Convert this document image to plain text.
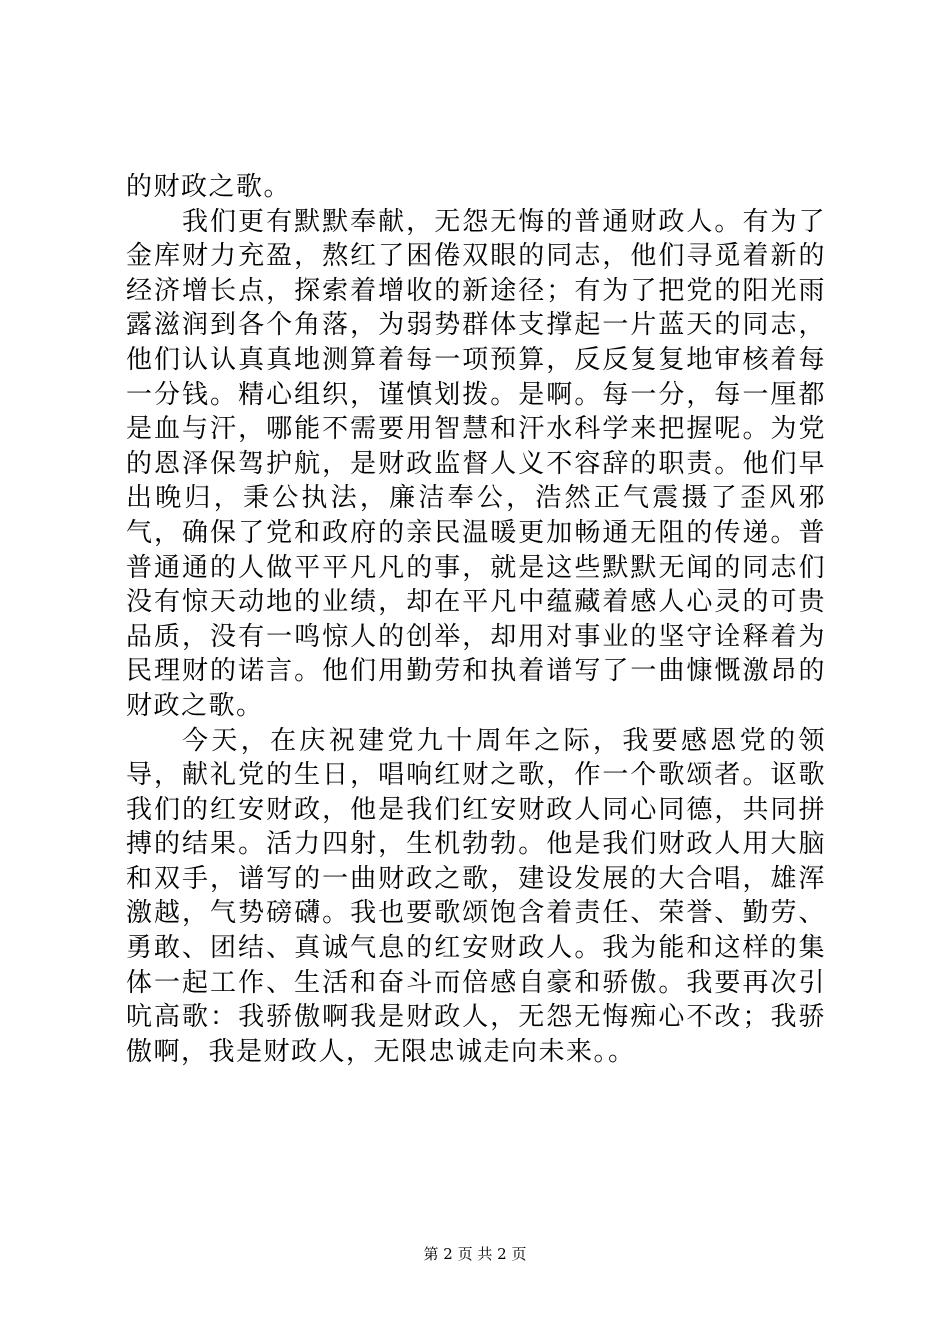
的财政之歌。

我们更有默默奉献，无怨无悔的普通财政人。有为了金库财力充盈，熬红了困倦双眼的同志，他们寻觅着新的经济增长点，探索着增收的新途径；有为了把党的阳光雨露滋润到各个角落，为弱势群体支撑起一片蓝天的同志，他们认认真真地测算着每一项预算，反反复复地审核着每一分钱。精心组织，谨慎划拨。是啊。每一分，每一厘都是血与汗，哪能不需要用智慧和汗水科学来把握呢。为党的恩泽保驾护航，是财政监督人义不容辞的职责。他们早出晚归，秉公执法，廉洁奉公，浩然正气震摄了歪风邪气，确保了党和政府的亲民温暖更加畅通无阻的传递。普普通通的人做平平凡凡的事，就是这些默默无闻的同志们没有惊天动地的业绩，却在平凡中蕴藏着感人心灵的可贵品质，没有一鸣惊人的创举，却用对事业的坚守诠释着为民理财的诺言。他们用勤劳和执着谱写了一曲慷慨激昂的财政之歌。

今天，在庆祝建党九十周年之际，我要感恩党的领导，献礼党的生日，唱响红财之歌，作一个歌颂者。讴歌我们的红安财政，他是我们红安财政人同心同德，共同拼搏的结果。活力四射，生机勃勃。他是我们财政人用大脑和双手，谱写的一曲财政之歌，建设发展的大合唱，雄浑激越，气势磅礴。我也要歌颂饱含着责任、荣誉、勤劳、勇敢、团结、真诚气息的红安财政人。我为能和这样的集体一起工作、生活和奋斗而倍感自豪和骄傲。我要再次引吭高歌：我骄傲啊我是财政人，无怨无悔痴心不改；我骄傲啊，我是财政人，无限忠诚走向未来。。

第 2 页 共 2 页
